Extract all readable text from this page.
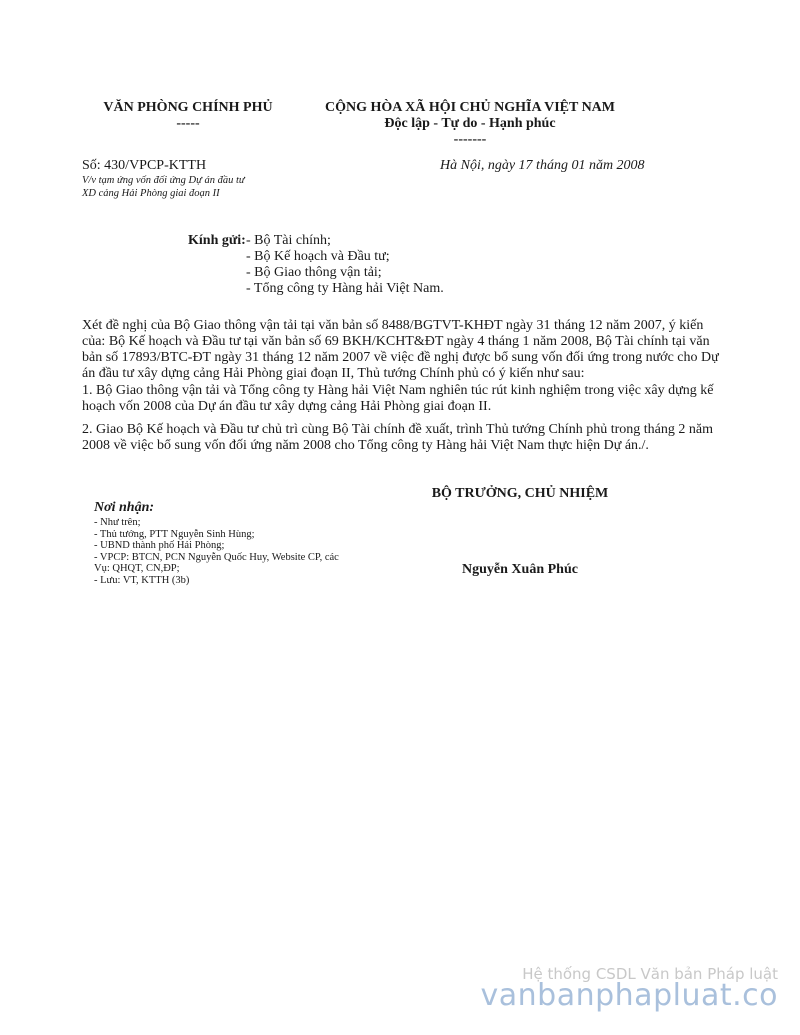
VĂN PHÒNG CHÍNH PHỦ
-----
CỘNG HÒA XÃ HỘI CHỦ NGHĨA VIỆT NAM
Độc lập - Tự do - Hạnh phúc
-------
Số: 430/VPCP-KTTH
V/v tạm ứng vốn đối ứng Dự án đầu tư
XD cảng Hải Phòng giai đoạn II
Hà Nội, ngày 17 tháng 01 năm 2008
Kính gửi: - Bộ Tài chính;
- Bộ Kế hoạch và Đầu tư;
- Bộ Giao thông vận tải;
- Tổng công ty Hàng hải Việt Nam.
Xét đề nghị của Bộ Giao thông vận tải tại văn bản số 8488/BGTVT-KHĐT ngày 31 tháng 12 năm 2007, ý kiến của: Bộ Kế hoạch và Đầu tư tại văn bản số 69 BKH/KCHT&ĐT ngày 4 tháng 1 năm 2008, Bộ Tài chính tại văn bản số 17893/BTC-ĐT ngày 31 tháng 12 năm 2007 về việc đề nghị được bổ sung vốn đối ứng trong nước cho Dự án đầu tư xây dựng cảng Hải Phòng giai đoạn II, Thủ tướng Chính phủ có ý kiến như sau:
1. Bộ Giao thông vận tải và Tổng công ty Hàng hải Việt Nam nghiên túc rút kinh nghiệm trong việc xây dựng kế hoạch vốn 2008 của Dự án đầu tư xây dựng cảng Hải Phòng giai đoạn II.
2. Giao Bộ Kế hoạch và Đầu tư chủ trì cùng Bộ Tài chính đề xuất, trình Thủ tướng Chính phủ trong tháng 2 năm 2008 về việc bổ sung vốn đối ứng năm 2008 cho Tổng công ty Hàng hải Việt Nam thực hiện Dự án./.
BỘ TRƯỞNG, CHỦ NHIỆM
Nguyễn Xuân Phúc
Nơi nhận:
- Như trên;
- Thủ tướng, PTT Nguyễn Sinh Hùng;
- UBND thành phố Hải Phòng;
- VPCP: BTCN, PCN Nguyễn Quốc Huy, Website CP, các
Vụ: QHQT, CN,ĐP;
- Lưu: VT, KTTH (3b)
Hệ thống CSDL Văn bản Pháp luật
vanbanphapluat.co
